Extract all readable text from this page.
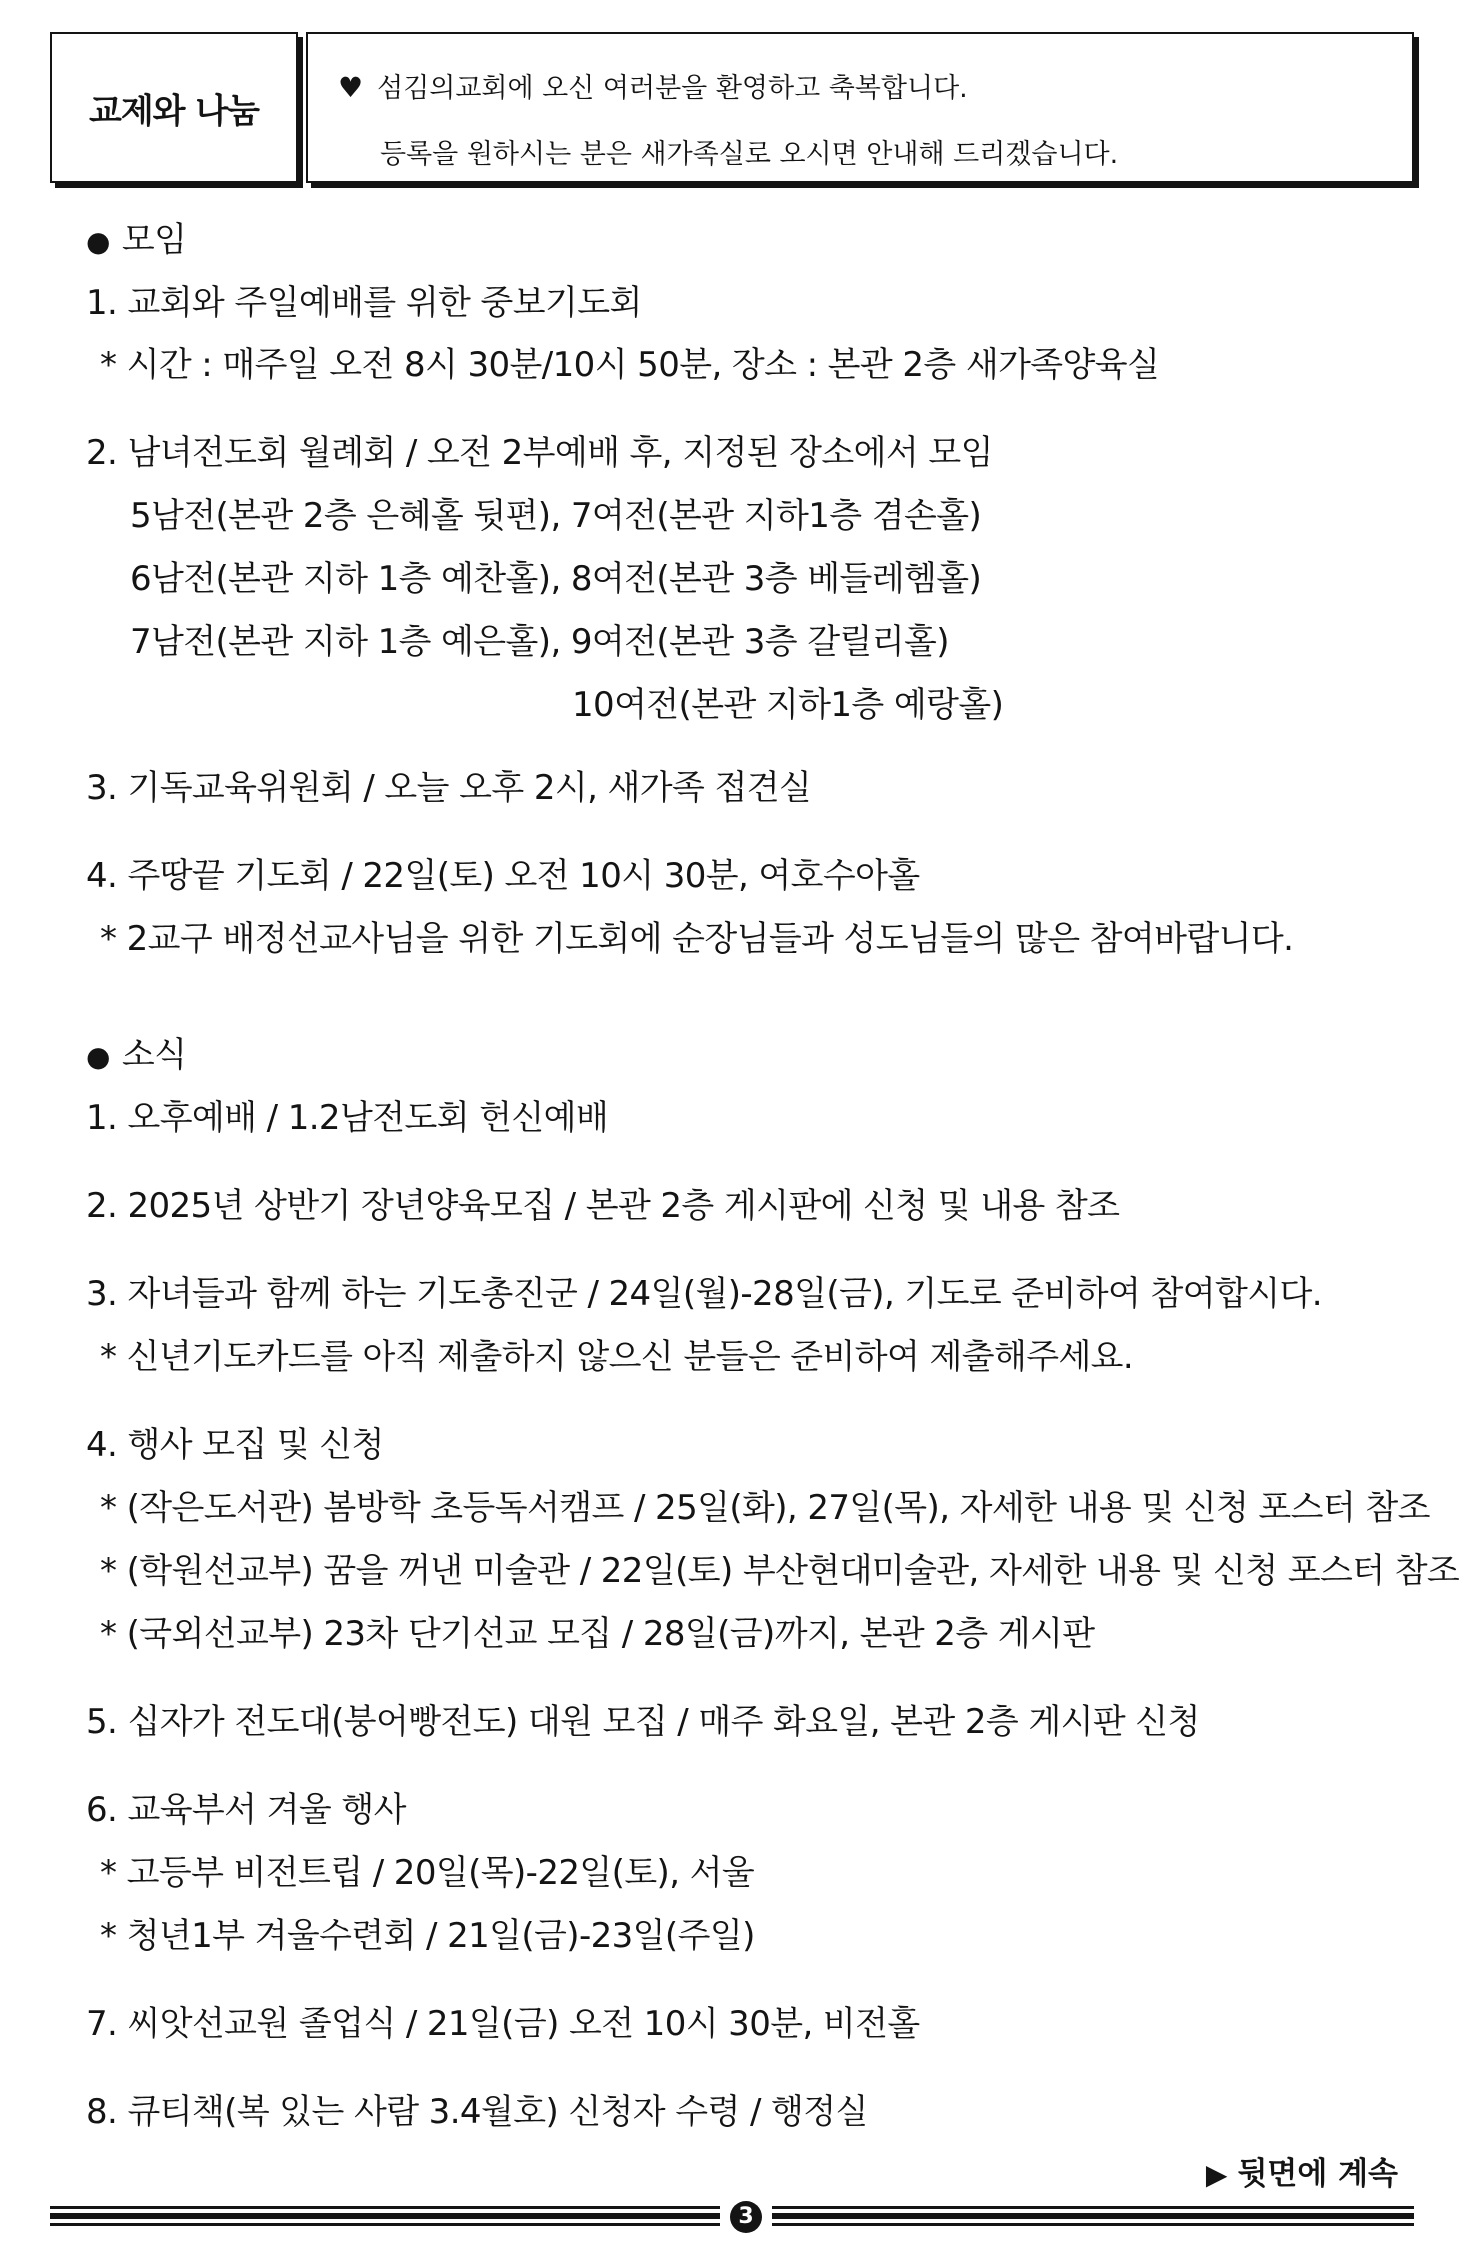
교제와 나눔
♥ 섬김의교회에 오신 여러분을 환영하고 축복합니다.
등록을 원하시는 분은 새가족실로 오시면 안내해 드리겠습니다.
● 모임
1. 교회와 주일예배를 위한 중보기도회
* 시간 : 매주일 오전 8시 30분/10시 50분, 장소 : 본관 2층 새가족양육실
2. 남녀전도회 월례회 / 오전 2부예배 후, 지정된 장소에서 모임
5남전(본관 2층 은혜홀 뒷편), 7여전(본관 지하1층 겸손홀)
6남전(본관 지하 1층 예찬홀), 8여전(본관 3층 베들레헴홀)
7남전(본관 지하 1층 예은홀), 9여전(본관 3층 갈릴리홀)
10여전(본관 지하1층 예랑홀)
3. 기독교육위원회 / 오늘 오후 2시, 새가족 접견실
4. 주땅끝 기도회 / 22일(토) 오전 10시 30분, 여호수아홀
* 2교구 배정선교사님을 위한 기도회에 순장님들과 성도님들의 많은 참여바랍니다.
● 소식
1. 오후예배 / 1.2남전도회 헌신예배
2. 2025년 상반기 장년양육모집 / 본관 2층 게시판에 신청 및 내용 참조
3. 자녀들과 함께 하는 기도총진군 / 24일(월)-28일(금), 기도로 준비하여 참여합시다.
* 신년기도카드를 아직 제출하지 않으신 분들은 준비하여 제출해주세요.
4. 행사 모집 및 신청
* (작은도서관) 봄방학 초등독서캠프 / 25일(화), 27일(목), 자세한 내용 및 신청 포스터 참조
* (학원선교부) 꿈을 꺼낸 미술관 / 22일(토) 부산현대미술관, 자세한 내용 및 신청 포스터 참조
* (국외선교부) 23차 단기선교 모집 / 28일(금)까지, 본관 2층 게시판
5. 십자가 전도대(붕어빵전도) 대원 모집 / 매주 화요일, 본관 2층 게시판 신청
6. 교육부서 겨울 행사
* 고등부 비전트립 / 20일(목)-22일(토), 서울
* 청년1부 겨울수련회 / 21일(금)-23일(주일)
7. 씨앗선교원 졸업식 / 21일(금) 오전 10시 30분, 비전홀
8. 큐티책(복 있는 사람 3.4월호) 신청자 수령 / 행정실
▶ 뒷면에 계속
3
